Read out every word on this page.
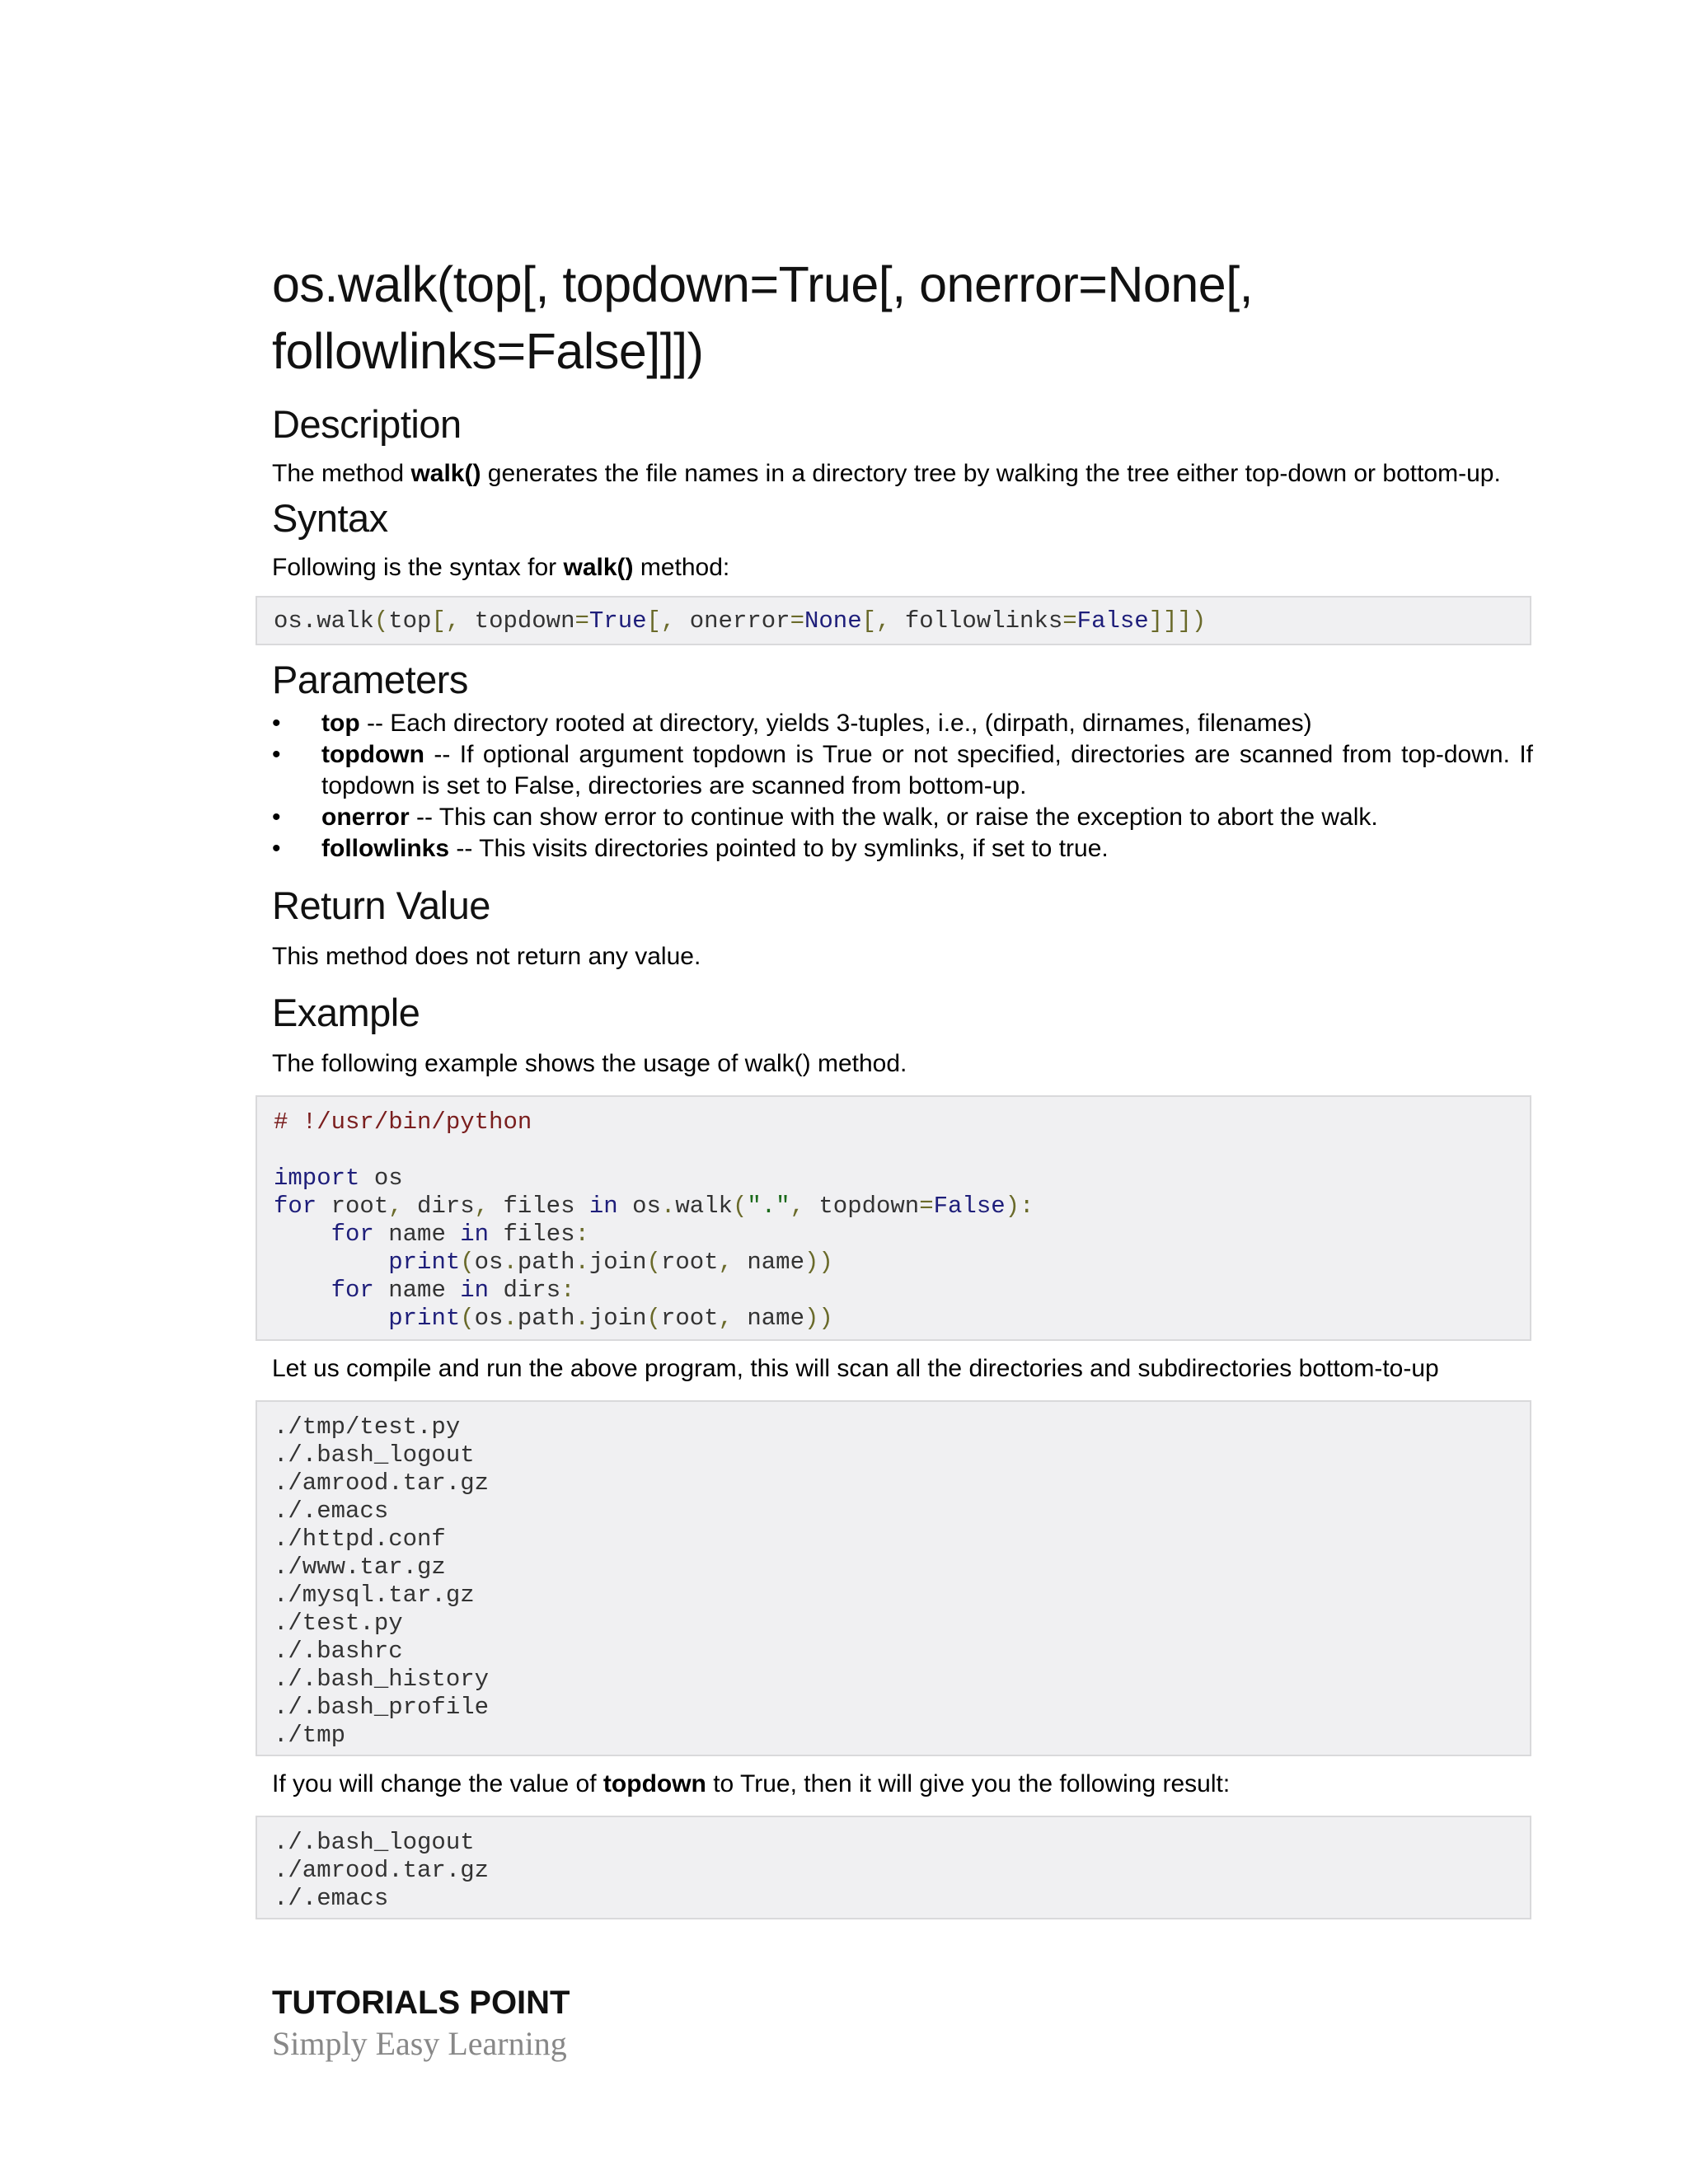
os.walk(top[, topdown=True[, onerror=None[,
followlinks=False]]])
Description

The method walk() generates the file names in a directory tree by walking the tree either top-down or bottom-up.

Syntax

Following is the syntax for walk() method:

os.walk(top[, topdown=True[, onerror=None[, followlinks=False]]])
Parameters
• top -- Each directory rooted at directory, yields 3-tuples, i.e., (dirpath, dirnames, filenames)
• topdown -- If optional argument topdown is True or not specified, directories are scanned from top-down. If topdown is set to False, directories are scanned from bottom-up.
• onerror -- This can show error to continue with the walk, or raise the exception to abort the walk.
• followlinks -- This visits directories pointed to by symlinks, if set to true.
Return Value

This method does not return any value.

Example

The following example shows the usage of walk() method.

# !/usr/bin/python

import os
for root, dirs, files in os.walk(".", topdown=False):
for name in files:
print(os.path.join(root, name))
for name in dirs:
print(os.path.join(root, name))

Let us compile and run the above program, this will scan all the directories and subdirectories bottom-to-up

./tmp/test.py
./.bash_logout
./amrood.tar.gz
./.emacs
./httpd.conf
./www.tar.gz
./mysql.tar.gz
./test.py
./.bashrc
./.bash_history
./.bash_profile
./tmp

If you will change the value of topdown to True, then it will give you the following result:

./.bash_logout
./amrood.tar.gz
./.emacs
TUTORIALS POINT
Simply Easy Learning
